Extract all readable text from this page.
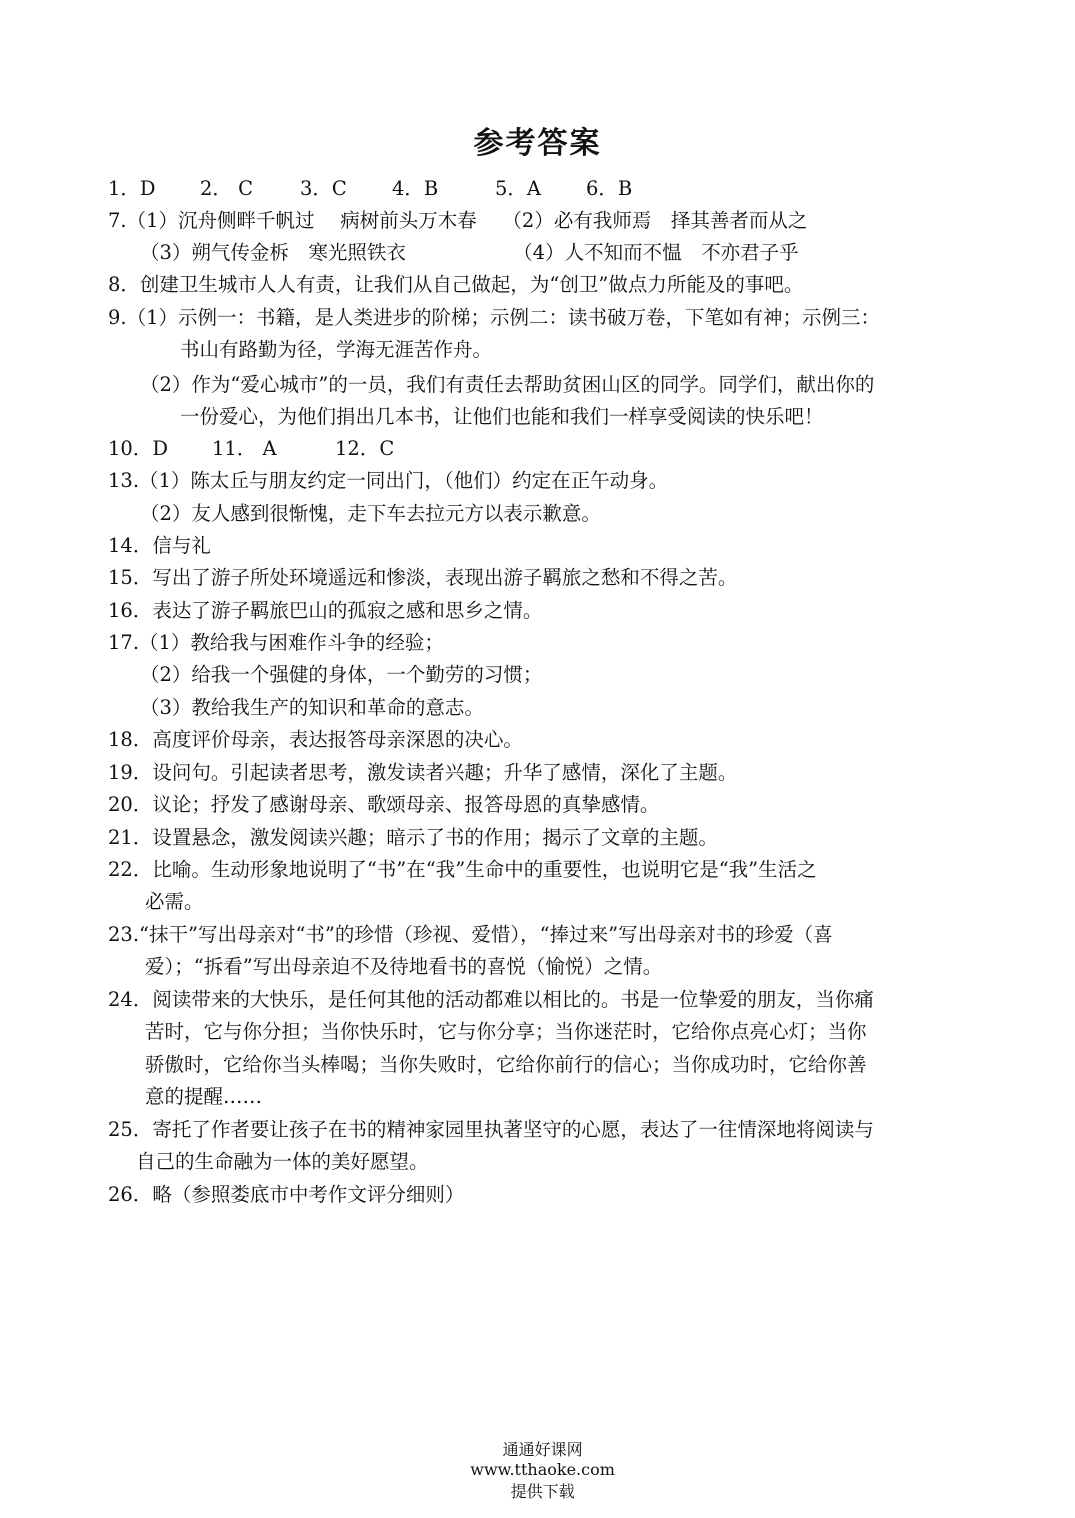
参考答案
1．D 2． C 3．C 4．B	5．A 6．B
7.（1）沉舟侧畔千帆过　 病树前头万木春　 （2）必有我师焉　择其善者而从之
（3）朔气传金柝　寒光照铁衣　　　　　　（4）人不知而不愠　不亦君子乎
8．创建卫生城市人人有责，让我们从自己做起，为“创卫”做点力所能及的事吧。
9.（1）示例一：书籍，是人类进步的阶梯；示例二：读书破万卷，下笔如有神；示例三：
书山有路勤为径，学海无涯苦作舟。
（2）作为“爱心城市”的一员，我们有责任去帮助贫困山区的同学。同学们，献出你的
一份爱心，为他们捐出几本书，让他们也能和我们一样享受阅读的快乐吧！
10．D 11． A	12．C
13.（1）陈太丘与朋友约定一同出门，（他们）约定在正午动身。
（2）友人感到很惭愧，走下车去拉元方以表示歉意。
14．信与礼
15．写出了游子所处环境遥远和惨淡，表现出游子羁旅之愁和不得之苦。
16．表达了游子羁旅巴山的孤寂之感和思乡之情。
17.（1）教给我与困难作斗争的经验；
（2）给我一个强健的身体，一个勤劳的习惯；
（3）教给我生产的知识和革命的意志。
18．高度评价母亲，表达报答母亲深恩的决心。
19．设问句。引起读者思考，激发读者兴趣；升华了感情，深化了主题。
20．议论；抒发了感谢母亲、歌颂母亲、报答母恩的真挚感情。
21．设置悬念，激发阅读兴趣；暗示了书的作用；揭示了文章的主题。
22．比喻。生动形象地说明了“书”在“我”生命中的重要性，也说明它是“我”生活之
必需。
23.“抹干”写出母亲对“书”的珍惜（珍视、爱惜），“捧过来”写出母亲对书的珍爱（喜
爱）；“拆看”写出母亲迫不及待地看书的喜悦（愉悦）之情。
24．阅读带来的大快乐，是任何其他的活动都难以相比的。书是一位挚爱的朋友，当你痛
苦时，它与你分担；当你快乐时，它与你分享；当你迷茫时，它给你点亮心灯；当你
骄傲时，它给你当头棒喝；当你失败时，它给你前行的信心；当你成功时，它给你善
意的提醒……
25．寄托了作者要让孩子在书的精神家园里执著坚守的心愿，表达了一往情深地将阅读与
自己的生命融为一体的美好愿望。
26．略（参照娄底市中考作文评分细则）

通通好课网
www.tthaoke.com
提供下载
